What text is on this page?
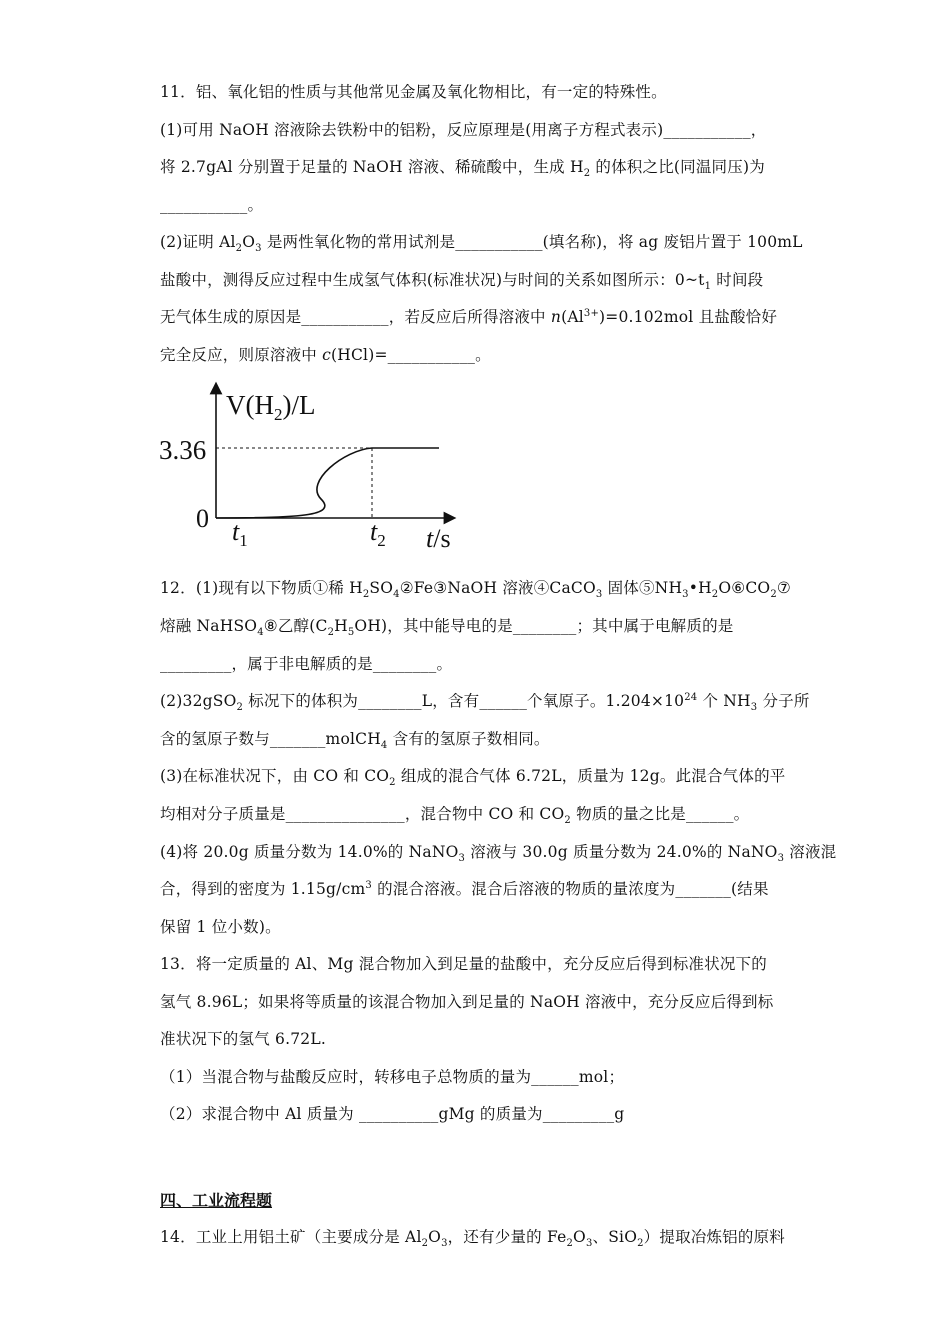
11．铝、氧化铝的性质与其他常见金属及氧化物相比，有一定的特殊性。
(1)可用 NaOH 溶液除去铁粉中的铝粉，反应原理是(用离子方程式表示)___________，
将 2.7gAl 分别置于足量的 NaOH 溶液、稀硫酸中，生成 $H_2$ 的体积之比(同温同压)为
___________。
(2)证明 $Al_2O_3$ 是两性氧化物的常用试剂是___________(填名称)，将 ag 废铝片置于 100mL
盐酸中，测得反应过程中生成氢气体积(标准状况)与时间的关系如图所示：$0\sim t_1$ 时间段
无气体生成的原因是___________，若反应后所得溶液中 $n(Al^{3+})=0.102mol$ 且盐酸恰好
完全反应，则原溶液中 c(HCl)=___________。
$V(H_2)/L$
3.36
0 $t_1$	$t_2$ t/s
12．(1)现有以下物质①稀 $H_2SO_4②Fe③NaOH$ 溶液④CaCO$_3$ 固体$⑤NH_3•H_2O⑥CO_2⑦$
熔融 NaHSO$_4$⑧乙醇$(C_2H_5OH)$，其中能导电的是________；其中属于电解质的是
_________，属于非电解质的是________。
(2)32gSO$_2$ 标况下的体积为________L，含有______个氧原子。$1.204\times 10^{24}$ 个 $NH_3$ 分子所
含的氢原子数与_______molCH$_4$ 含有的氢原子数相同。
(3)在标准状况下，由 CO 和 $CO_2$ 组成的混合气体 6.72L，质量为 12g。此混合气体的平
均相对分子质量是_______________，混合物中 CO 和 $CO_2$ 物质的量之比是______。
(4)将 20.0g 质量分数为 14.0%的 NaNO$_3$ 溶液与 30.0g 质量分数为 24.0%的 NaNO$_3$ 溶液混
合，得到的密度为 $1.15g/cm^3$ 的混合溶液。混合后溶液的物质的量浓度为_______(结果
保留 1 位小数)。
13．将一定质量的 Al、Mg 混合物加入到足量的盐酸中，充分反应后得到标准状况下的
氢气 8.96L；如果将等质量的该混合物加入到足量的 NaOH 溶液中，充分反应后得到标
准状况下的氢气 6.72L.
（1）当混合物与盐酸反应时，转移电子总物质的量为______mol；
（2）求混合物中 Al 质量为 __________gMg 的质量为_________g
四、工业流程题
14．工业上用铝土矿（主要成分是 $Al_2O_3$，还有少量的 $Fe_2O_3$、SiO$_2$）提取冶炼铝的原料
